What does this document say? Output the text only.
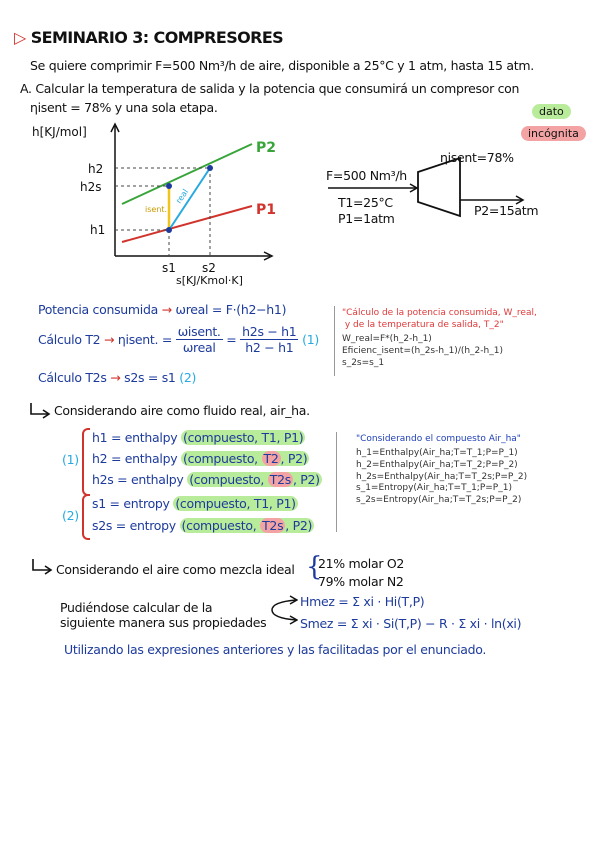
▷ SEMINARIO 3: COMPRESORES
Se quiere comprimir F=500 Nm³/h de aire, disponible a 25°C y 1 atm, hasta 15 atm.
A. Calcular la temperatura de salida y la potencia que consumirá un compresor con
ηisent = 78% y una sola etapa.	dato
incógnita
h[KJ/mol]
s[KJ/Kmol·K]
h2
h2s
h1
s1 s2
P2
P1
isent.
real
F=500 Nm³/h
T1=25°C
P1=1atm
ηisent=78%
P2=15atm
Potencia consumida → ωreal = F·(h2−h1)
Cálculo T2 → ηisent. = $\frac{\text{ωisent.}}{\text{ωreal}} = \frac{h2s - h1}{h2 - h1} (1)$
Cálculo T2s → s2s = s1 (2)
"Cálculo de la potencia consumida, W_real,
y de la temperatura de salida, T_2"
W_real=F*(h_2-h_1)
Eficienc_isent=(h_2s-h_1)/(h_2-h_1)
s_2s=s_1
Considerando aire como fluido real, air_ha.
(1)
h1 = enthalpy (compuesto, T1, P1)
h2 = enthalpy (compuesto, T2 , P2)
h2s = enthalpy (compuesto, T2s , P2)
(2)
s1 = entropy (compuesto, T1, P1)
s2s = entropy (compuesto, T2s , P2)
"Considerando el compuesto Air_ha"
h_1=Enthalpy(Air_ha;T=T_1;P=P_1)
h_2=Enthalpy(Air_ha;T=T_2;P=P_2)
h_2s=Enthalpy(Air_ha;T=T_2s;P=P_2)
s_1=Entropy(Air_ha;T=T_1;P=P_1)
s_2s=Entropy(Air_ha;T=T_2s;P=P_2)
Considerando el aire como mezcla ideal {
21% molar O2
79% molar N2
Pudiéndose calcular de la
siguiente manera sus propiedades
Hmez = Σ xi · Hi(T,P)
Smez = Σ xi · Si(T,P) − R · Σ xi · ln(xi)
Utilizando las expresiones anteriores y las facilitadas por el enunciado.
